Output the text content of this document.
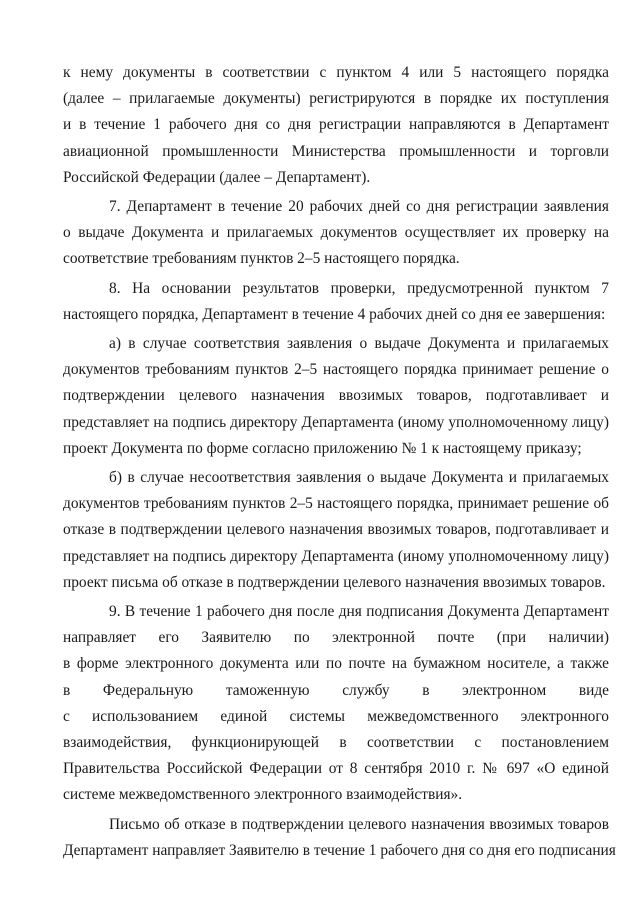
к нему документы в соответствии с пунктом 4 или 5 настоящего порядка
(далее – прилагаемые документы) регистрируются в порядке их поступления
и в течение 1 рабочего дня со дня регистрации направляются в Департамент
авиационной промышленности Министерства промышленности и торговли
Российской Федерации (далее – Департамент).
7. Департамент в течение 20 рабочих дней со дня регистрации заявления
о выдаче Документа и прилагаемых документов осуществляет их проверку на
соответствие требованиям пунктов 2–5 настоящего порядка.
8. На основании результатов проверки, предусмотренной пунктом 7
настоящего порядка, Департамент в течение 4 рабочих дней со дня ее завершения:
а) в случае соответствия заявления о выдаче Документа и прилагаемых
документов требованиям пунктов 2–5 настоящего порядка принимает решение о
подтверждении целевого назначения ввозимых товаров, подготавливает и
представляет на подпись директору Департамента (иному уполномоченному лицу)
проект Документа по форме согласно приложению № 1 к настоящему приказу;
б) в случае несоответствия заявления о выдаче Документа и прилагаемых
документов требованиям пунктов 2–5 настоящего порядка, принимает решение об
отказе в подтверждении целевого назначения ввозимых товаров, подготавливает и
представляет на подпись директору Департамента (иному уполномоченному лицу)
проект письма об отказе в подтверждении целевого назначения ввозимых товаров.
9. В течение 1 рабочего дня после дня подписания Документа Департамент
направляет его Заявителю по электронной почте (при наличии)
в форме электронного документа или по почте на бумажном носителе, а также
в Федеральную таможенную службу в электронном виде
с использованием единой системы межведомственного электронного
взаимодействия, функционирующей в соответствии с постановлением
Правительства Российской Федерации от 8 сентября 2010 г. № 697 «О единой
системе межведомственного электронного взаимодействия».
Письмо об отказе в подтверждении целевого назначения ввозимых товаров
Департамент направляет Заявителю в течение 1 рабочего дня со дня его подписания
